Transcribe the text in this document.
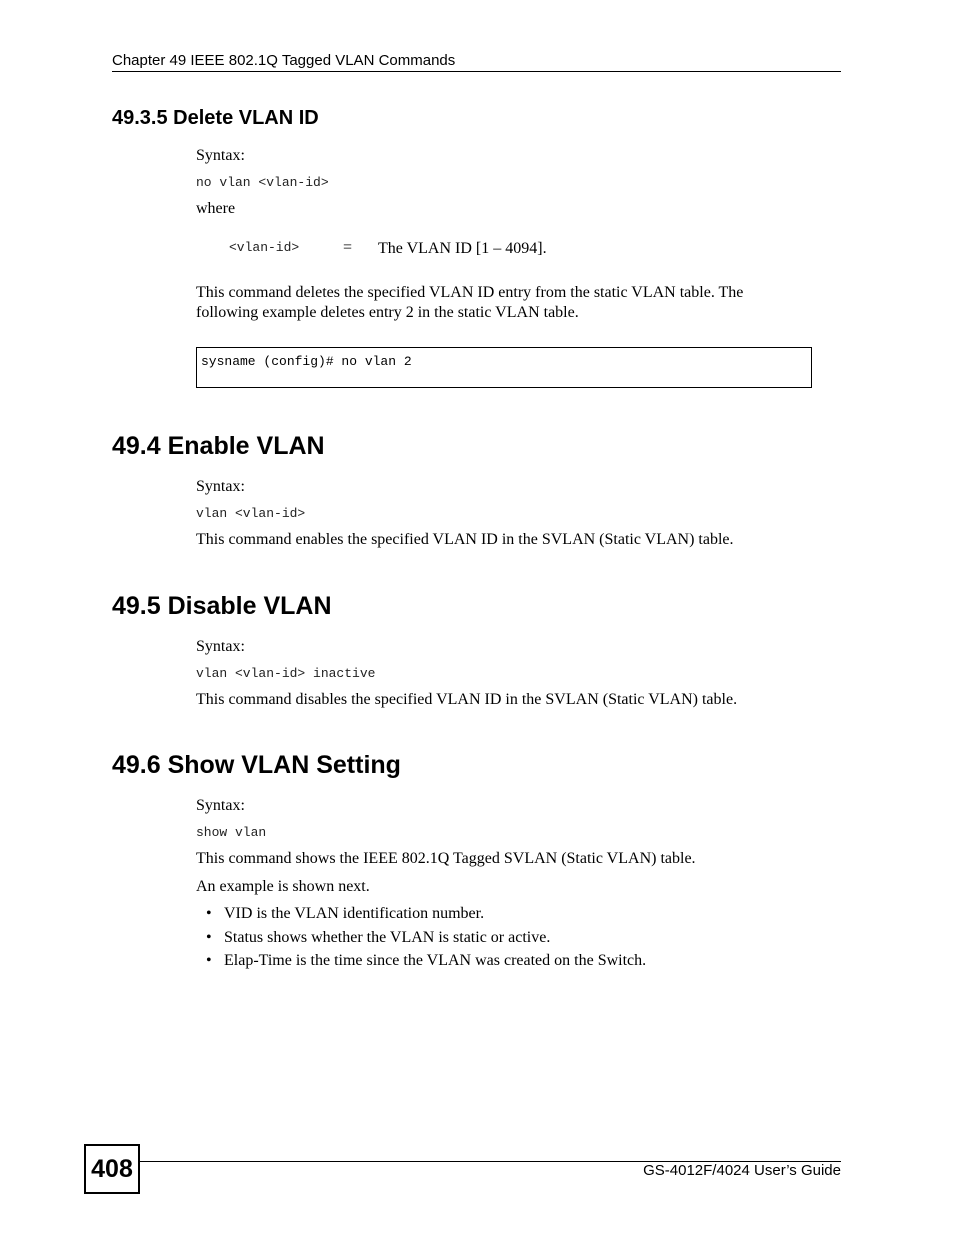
Chapter 49 IEEE 802.1Q Tagged VLAN Commands
49.3.5 Delete VLAN ID
Syntax:
no vlan <vlan-id>
where
<vlan-id>	= The VLAN ID [1 – 4094].
This command deletes the specified VLAN ID entry from the static VLAN table. The
following example deletes entry 2 in the static VLAN table.
sysname (config)# no vlan 2
49.4 Enable VLAN
Syntax:
vlan <vlan-id>
This command enables the specified VLAN ID in the SVLAN (Static VLAN) table.
49.5 Disable VLAN
Syntax:
vlan <vlan-id> inactive
This command disables the specified VLAN ID in the SVLAN (Static VLAN) table.
49.6 Show VLAN Setting
Syntax:
show vlan
This command shows the IEEE 802.1Q Tagged SVLAN (Static VLAN) table.
An example is shown next.
• VID is the VLAN identification number.
• Status shows whether the VLAN is static or active.
• Elap-Time is the time since the VLAN was created on the Switch.
408	GS-4012F/4024 User’s Guide
